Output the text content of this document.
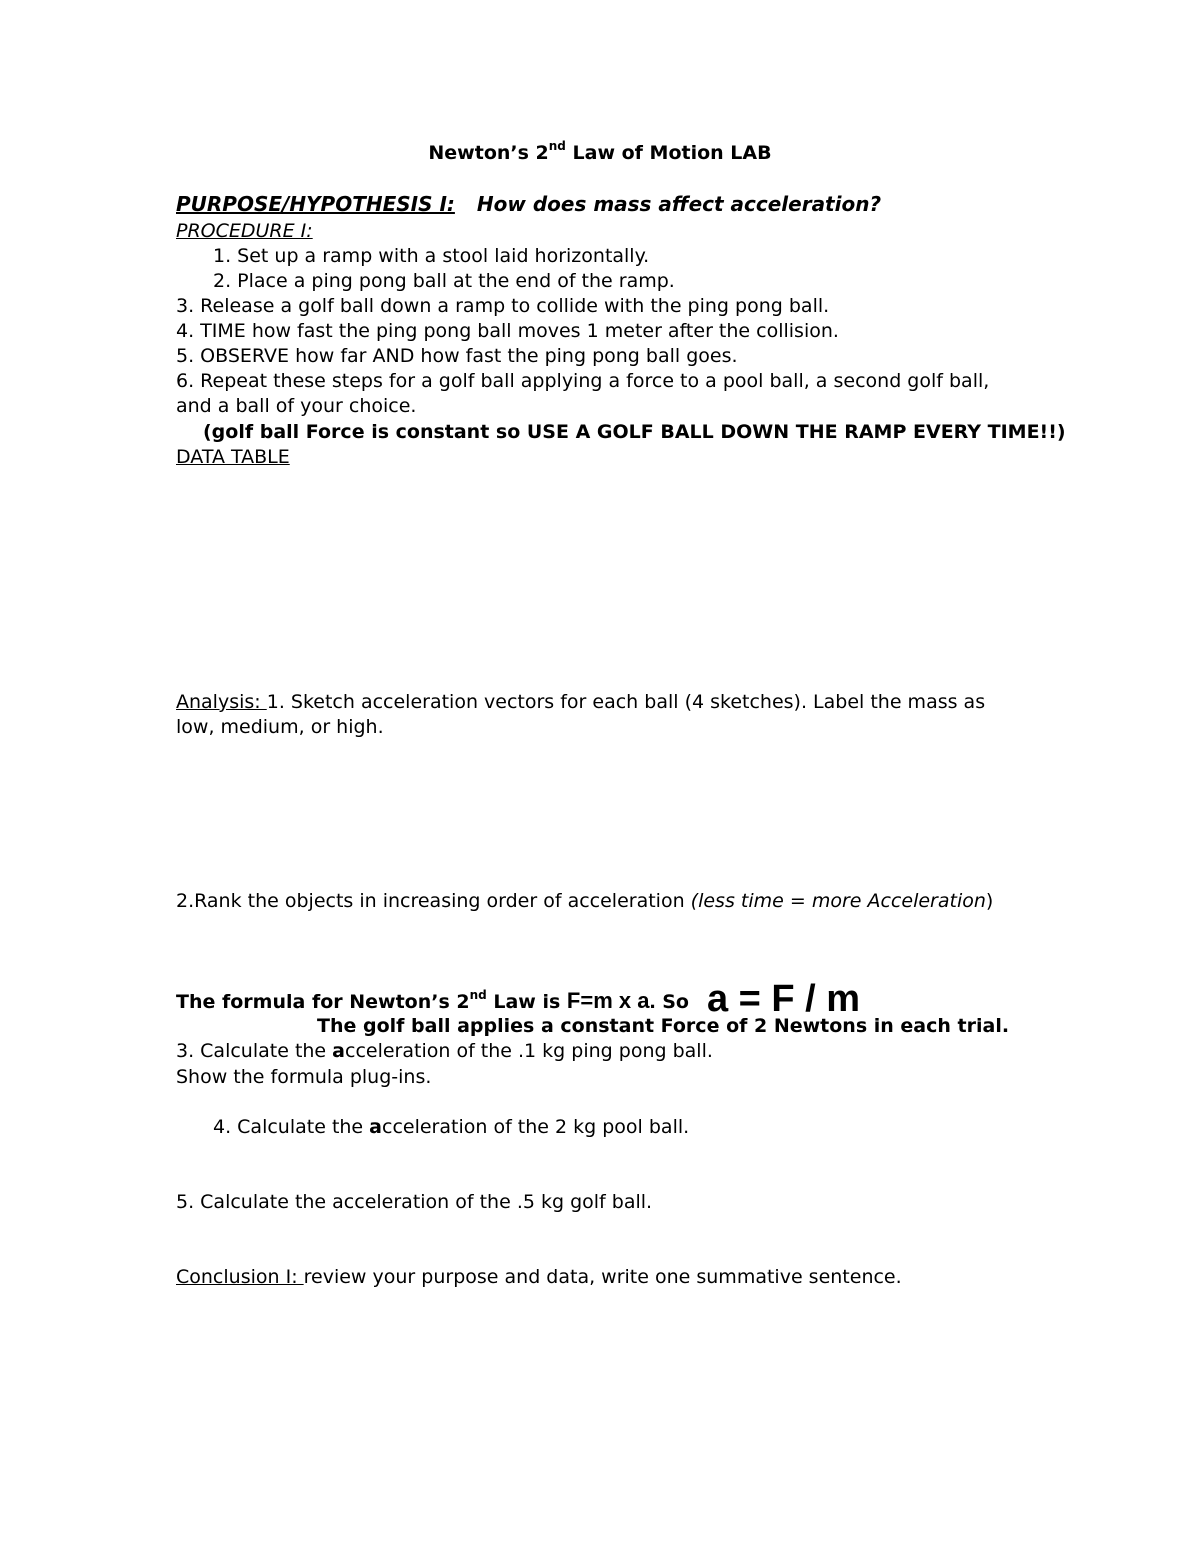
Newton’s 2nd Law of Motion LAB
PURPOSE/HYPOTHESIS I: How does mass affect acceleration?
PROCEDURE I:
1. Set up a ramp with a stool laid horizontally.
2. Place a ping pong ball at the end of the ramp.
3. Release a golf ball down a ramp to collide with the ping pong ball.
4. TIME how fast the ping pong ball moves 1 meter after the collision.
5. OBSERVE how far AND how fast the ping pong ball goes.
6. Repeat these steps for a golf ball applying a force to a pool ball, a second golf ball,
and a ball of your choice.
(golf ball Force is constant so USE A GOLF BALL DOWN THE RAMP EVERY TIME!!)
DATA TABLE
Analysis: 1. Sketch acceleration vectors for each ball (4 sketches). Label the mass as
low, medium, or high.
2.Rank the objects in increasing order of acceleration (less time = more Acceleration)
The formula for Newton’s 2nd Law is F=m x a. So a = F / m
The golf ball applies a constant Force of 2 Newtons in each trial.
3. Calculate the acceleration of the .1 kg ping pong ball.
Show the formula plug-ins.
4. Calculate the acceleration of the 2 kg pool ball.
5. Calculate the acceleration of the .5 kg golf ball.
Conclusion I: review your purpose and data, write one summative sentence.
